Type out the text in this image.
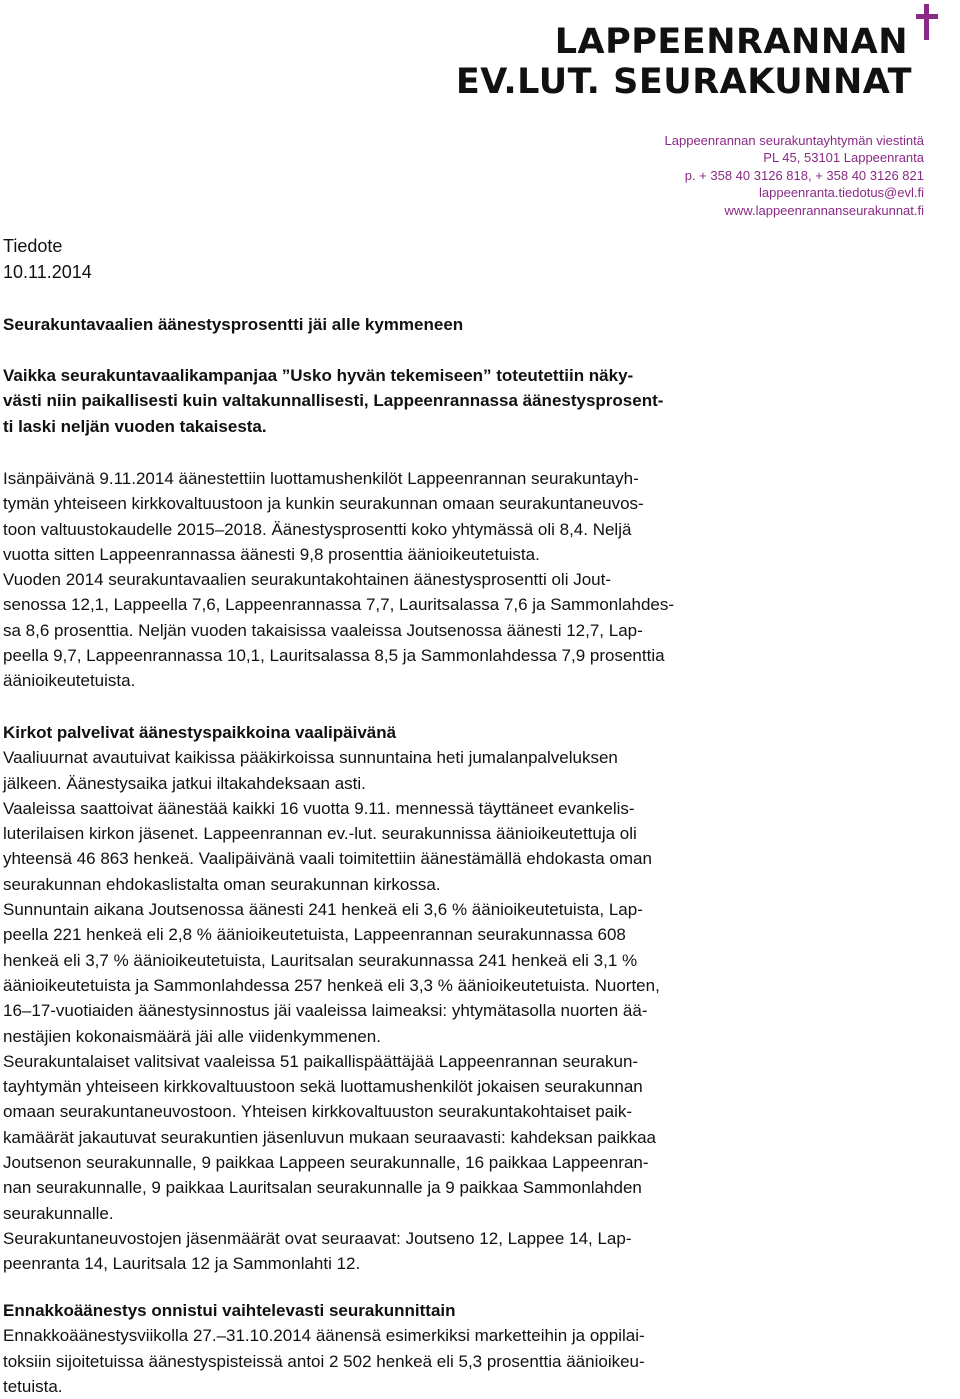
LAPPEENRANNAN
EV.LUT. SEURAKUNNAT
Lappeenrannan seurakuntayhtymän viestintä
PL 45, 53101 Lappeenranta
p. + 358 40 3126 818, + 358 40 3126 821
lappeenranta.tiedotus@evl.fi
www.lappeenrannanseurakunnat.fi
Tiedote
10.11.2014
Seurakuntavaalien äänestysprosentti jäi alle kymmeneen
Vaikka seurakuntavaalikampanjaa ”Usko hyvän tekemiseen” toteutettiin näky-
västi niin paikallisesti kuin valtakunnallisesti, Lappeenrannassa äänestysprosent-
ti laski neljän vuoden takaisesta.
Isänpäivänä 9.11.2014 äänestettiin luottamushenkilöt Lappeenrannan seurakuntayh-
tymän yhteiseen kirkkovaltuustoon ja kunkin seurakunnan omaan seurakuntaneuvos-
toon valtuustokaudelle 2015–2018. Äänestysprosentti koko yhtymässä oli 8,4. Neljä
vuotta sitten Lappeenrannassa äänesti 9,8 prosenttia äänioikeutetuista.
Vuoden 2014 seurakuntavaalien seurakuntakohtainen äänestysprosentti oli Jout-
senossa 12,1, Lappeella 7,6, Lappeenrannassa 7,7, Lauritsalassa 7,6 ja Sammonlahdes-
sa 8,6 prosenttia. Neljän vuoden takaisissa vaaleissa Joutsenossa äänesti 12,7, Lap-
peella 9,7, Lappeenrannassa 10,1, Lauritsalassa 8,5 ja Sammonlahdessa 7,9 prosenttia
äänioikeutetuista.
Kirkot palvelivat äänestyspaikkoina vaalipäivänä
Vaaliuurnat avautuivat kaikissa pääkirkoissa sunnuntaina heti jumalanpalveluksen
jälkeen. Äänestysaika jatkui iltakahdeksaan asti.
Vaaleissa saattoivat äänestää kaikki 16 vuotta 9.11. mennessä täyttäneet evankelis-
luterilaisen kirkon jäsenet. Lappeenrannan ev.-lut. seurakunnissa äänioikeutettuja oli
yhteensä 46 863 henkeä. Vaalipäivänä vaali toimitettiin äänestämällä ehdokasta oman
seurakunnan ehdokaslistalta oman seurakunnan kirkossa.
Sunnuntain aikana Joutsenossa äänesti 241 henkeä eli 3,6 % äänioikeutetuista, Lap-
peella 221 henkeä eli 2,8 % äänioikeutetuista, Lappeenrannan seurakunnassa 608
henkeä eli 3,7 % äänioikeutetuista, Lauritsalan seurakunnassa 241 henkeä eli 3,1 %
äänioikeutetuista ja Sammonlahdessa 257 henkeä eli 3,3 % äänioikeutetuista. Nuorten,
16–17-vuotiaiden äänestysinnostus jäi vaaleissa laimeaksi: yhtymätasolla nuorten ää-
nestäjien kokonaismäärä jäi alle viidenkymmenen.
Seurakuntalaiset valitsivat vaaleissa 51 paikallispäättäjää Lappeenrannan seurakun-
tayhtymän yhteiseen kirkkovaltuustoon sekä luottamushenkilöt jokaisen seurakunnan
omaan seurakuntaneuvostoon. Yhteisen kirkkovaltuuston seurakuntakohtaiset paik-
kamäärät jakautuvat seurakuntien jäsenluvun mukaan seuraavasti: kahdeksan paikkaa
Joutsenon seurakunnalle, 9 paikkaa Lappeen seurakunnalle, 16 paikkaa Lappeenran-
nan seurakunnalle, 9 paikkaa Lauritsalan seurakunnalle ja 9 paikkaa Sammonlahden
seurakunnalle.
Seurakuntaneuvostojen jäsenmäärät ovat seuraavat: Joutseno 12, Lappee 14, Lap-
peenranta 14, Lauritsala 12 ja Sammonlahti 12.
Ennakkoäänestys onnistui vaihtelevasti seurakunnittain
Ennakkoäänestysviikolla 27.–31.10.2014 äänensä esimerkiksi marketteihin ja oppilai-
toksiin sijoitetuissa äänestyspisteissä antoi 2 502 henkeä eli 5,3 prosenttia äänioikeu-
tetuista.
